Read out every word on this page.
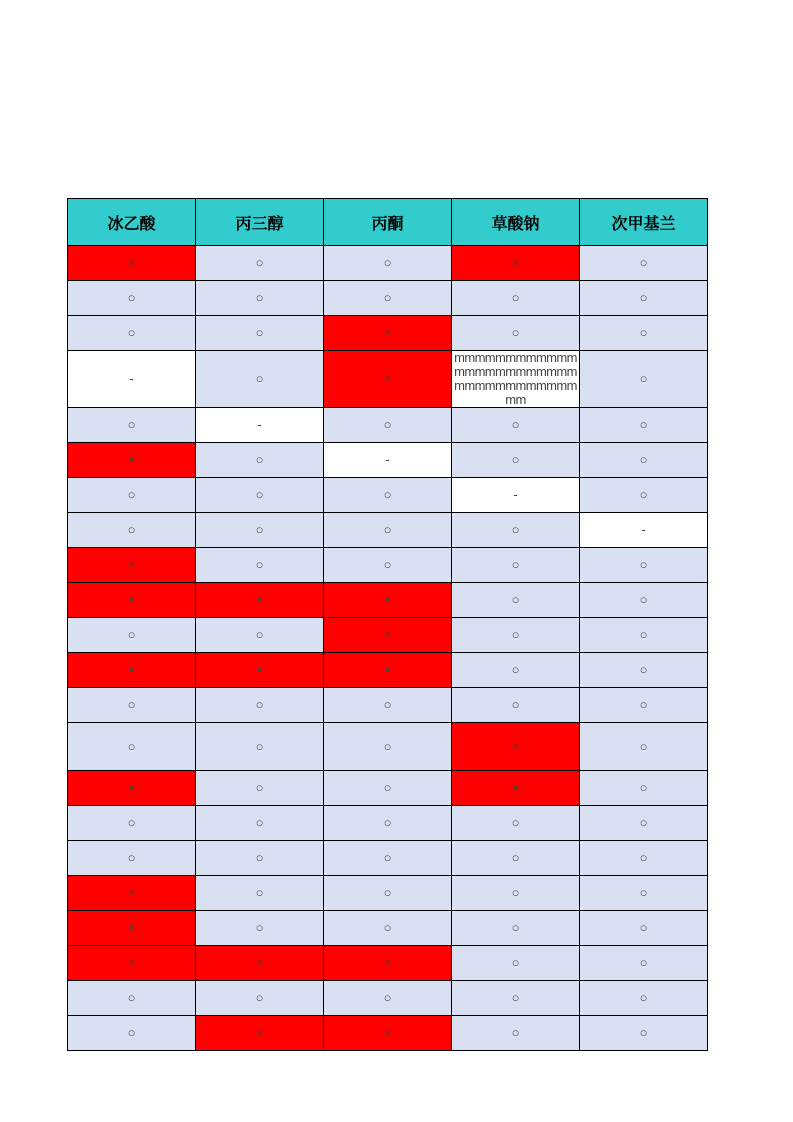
冰乙酸	丙三醇	丙酮	草酸钠	次甲基兰
×	○	○	×	○
○	○	○	○	○
○	○	×	○	○
-	○	×	mmmmmmmmmmmmmmmmmmmmmmmmmmmmmmmmmmmmmm	○
○	-	○	○	○
×	○	-	○	○
○	○	○	-	○
○	○	○	○	-
×	○	○	○	○
×	×	×	○	○
○	○	×	○	○
×	×	×	○	○
○	○	○	○	○
○	○	○	×	○
×	○	○	×	○
○	○	○	○	○
○	○	○	○	○
×	○	○	○	○
×	○	○	○	○
×	×	×	○	○
○	○	○	○	○
○	×	×	○	○
